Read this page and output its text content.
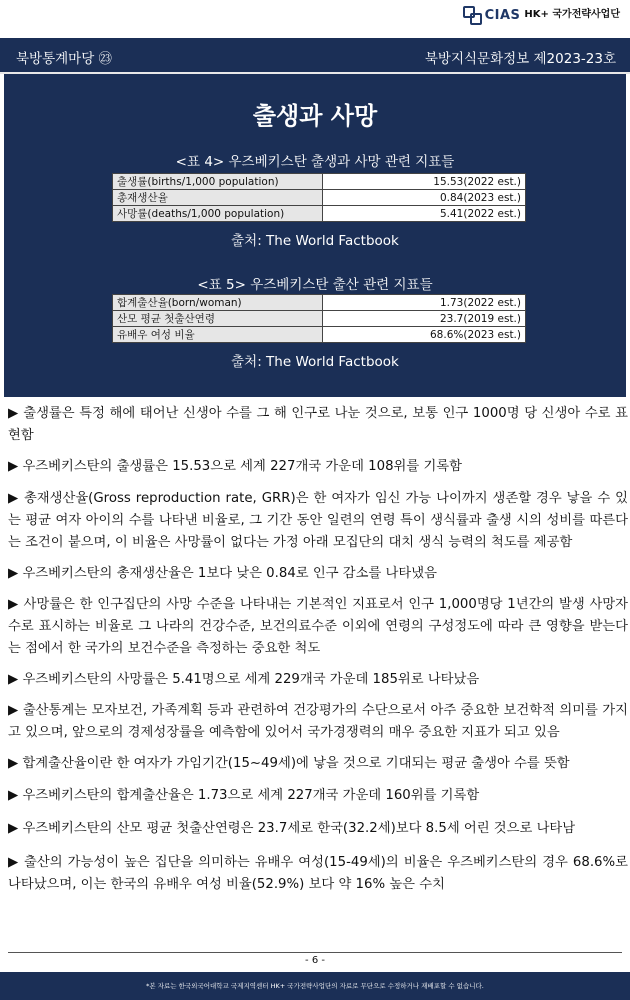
CIAS HK+ 국가전략사업단
북방통계마당 ㉓	북방지식문화정보 제2023-23호
출생과 사망
<표 4> 우즈베키스탄 출생과 사망 관련 지표들
출생률(births/1,000 population)	15.53(2022 est.)
총재생산율	0.84(2023 est.)
사망률(deaths/1,000 population)	5.41(2022 est.)
출처: The World Factbook
<표 5> 우즈베키스탄 출산 관련 지표들
합계출산율(born/woman)	1.73(2022 est.)
산모 평균 첫출산연령	23.7(2019 est.)
유배우 여성 비율	68.6%(2023 est.)
출처: The World Factbook

▶ 출생률은 특정 해에 태어난 신생아 수를 그 해 인구로 나눈 것으로, 보통 인구 1000명 당 신생아 수로 표현함

▶ 우즈베키스탄의 출생률은 15.53으로 세계 227개국 가운데 108위를 기록함

▶ 총재생산율(Gross reproduction rate, GRR)은 한 여자가 임신 가능 나이까지 생존할 경우 낳을 수 있는 평균 여자 아이의 수를 나타낸 비율로, 그 기간 동안 일련의 연령 특이 생식률과 출생 시의 성비를 따른다는 조건이 붙으며, 이 비율은 사망률이 없다는 가정 아래 모집단의 대치 생식 능력의 척도를 제공함

▶ 우즈베키스탄의 총재생산율은 1보다 낮은 0.84로 인구 감소를 나타냈음

▶ 사망률은 한 인구집단의 사망 수준을 나타내는 기본적인 지표로서 인구 1,000명당 1년간의 발생 사망자수로 표시하는 비율로 그 나라의 건강수준, 보건의료수준 이외에 연령의 구성정도에 따라 큰 영향을 받는다는 점에서 한 국가의 보건수준을 측정하는 중요한 척도

▶ 우즈베키스탄의 사망률은 5.41명으로 세계 229개국 가운데 185위로 나타났음

▶ 출산통계는 모자보건, 가족계획 등과 관련하여 건강평가의 수단으로서 아주 중요한 보건학적 의미를 가지고 있으며, 앞으로의 경제성장률을 예측함에 있어서 국가경쟁력의 매우 중요한 지표가 되고 있음

▶ 합계출산율이란 한 여자가 가임기간(15~49세)에 낳을 것으로 기대되는 평균 출생아 수를 뜻함

▶ 우즈베키스탄의 합계출산율은 1.73으로 세계 227개국 가운데 160위를 기록함

▶ 우즈베키스탄의 산모 평균 첫출산연령은 23.7세로 한국(32.2세)보다 8.5세 어린 것으로 나타남

▶ 출산의 가능성이 높은 집단을 의미하는 유배우 여성(15-49세)의 비율은 우즈베키스탄의 경우 68.6%로 나타났으며, 이는 한국의 유배우 여성 비율(52.9%) 보다 약 16% 높은 수치

- 6 -
*본 자료는 한국외국어대학교 국제지역센터 HK+ 국가전략사업단의 자료로 무단으로 수정하거나 재배포할 수 없습니다.
